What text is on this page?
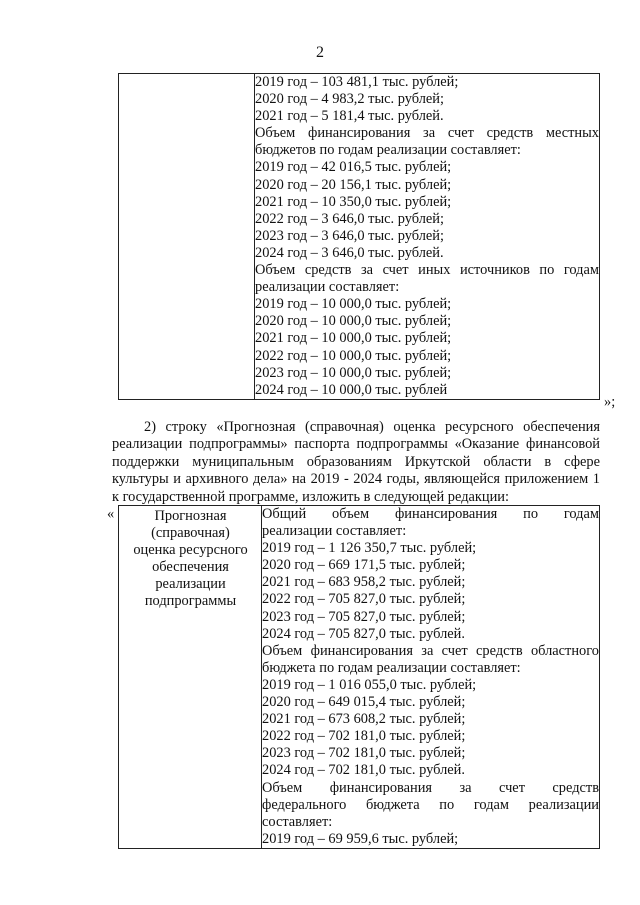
2

2019 год – 103 481,1 тыс. рублей;
2020 год – 4 983,2 тыс. рублей;
2021 год – 5 181,4 тыс. рублей.
Объем финансирования за счет средств местных
бюджетов по годам реализации составляет:
2019 год – 42 016,5 тыс. рублей;
2020 год – 20 156,1 тыс. рублей;
2021 год – 10 350,0 тыс. рублей;
2022 год – 3 646,0 тыс. рублей;
2023 год – 3 646,0 тыс. рублей;
2024 год – 3 646,0 тыс. рублей.
Объем средств за счет иных источников по годам
реализации составляет:
2019 год – 10 000,0 тыс. рублей;
2020 год – 10 000,0 тыс. рублей;
2021 год – 10 000,0 тыс. рублей;
2022 год – 10 000,0 тыс. рублей;
2023 год – 10 000,0 тыс. рублей;
2024 год – 10 000,0 тыс. рублей
»;
2) строку «Прогнозная (справочная) оценка ресурсного обеспечения
реализации подпрограммы» паспорта подпрограммы «Оказание финансовой
поддержки муниципальным образованиям Иркутской области в сфере
культуры и архивного дела» на 2019 - 2024 годы, являющейся приложением 1
к государственной программе, изложить в следующей редакции:
«	Прогнозная
(справочная)
оценка ресурсного
обеспечения
реализации
подпрограммы

Общий объем финансирования по годам
реализации составляет:
2019 год – 1 126 350,7 тыс. рублей;
2020 год – 669 171,5 тыс. рублей;
2021 год – 683 958,2 тыс. рублей;
2022 год – 705 827,0 тыс. рублей;
2023 год – 705 827,0 тыс. рублей;
2024 год – 705 827,0 тыс. рублей.
Объем финансирования за счет средств областного
бюджета по годам реализации составляет:
2019 год – 1 016 055,0 тыс. рублей;
2020 год – 649 015,4 тыс. рублей;
2021 год – 673 608,2 тыс. рублей;
2022 год – 702 181,0 тыс. рублей;
2023 год – 702 181,0 тыс. рублей;
2024 год – 702 181,0 тыс. рублей.
Объем финансирования за счет средств
федерального бюджета по годам реализации
составляет:
2019 год – 69 959,6 тыс. рублей;
